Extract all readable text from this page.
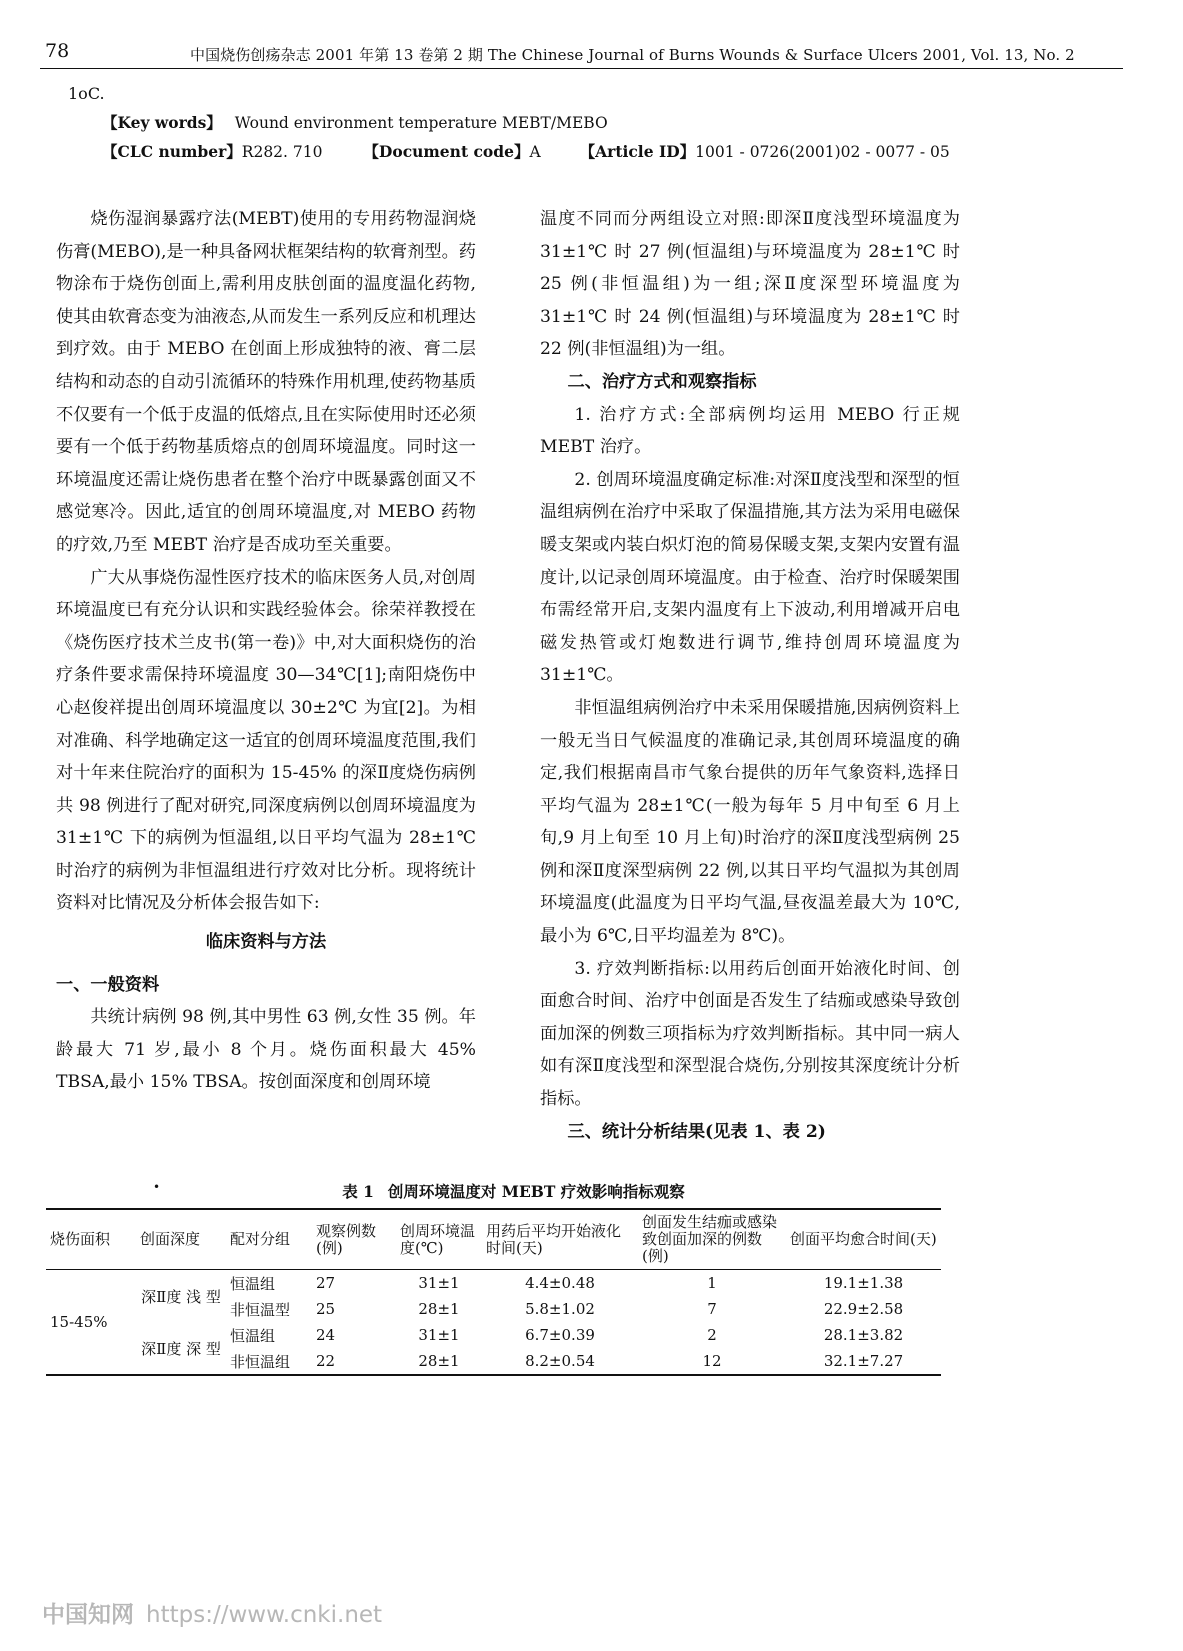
78	中国烧伤创疡杂志 2001 年第 13 卷第 2 期 The Chinese Journal of Burns Wounds & Surface Ulcers 2001, Vol. 13, No. 2
1oC.
【Key words】 Wound environment temperature MEBT/MEBO
【CLC number】R282. 710	【Document code】A	【Article ID】1001 - 0726(2001)02 - 0077 - 05

烧伤湿润暴露疗法(MEBT)使用的专用药物湿润烧伤膏(MEBO),是一种具备网状框架结构的软膏剂型。药物涂布于烧伤创面上,需利用皮肤创面的温度温化药物,使其由软膏态变为油液态,从而发生一系列反应和机理达到疗效。由于 MEBO 在创面上形成独特的液、膏二层结构和动态的自动引流循环的特殊作用机理,使药物基质不仅要有一个低于皮温的低熔点,且在实际使用时还必须要有一个低于药物基质熔点的创周环境温度。同时这一环境温度还需让烧伤患者在整个治疗中既暴露创面又不感觉寒冷。因此,适宜的创周环境温度,对 MEBO 药物的疗效,乃至 MEBT 治疗是否成功至关重要。

广大从事烧伤湿性医疗技术的临床医务人员,对创周环境温度已有充分认识和实践经验体会。徐荣祥教授在《烧伤医疗技术兰皮书(第一卷)》中,对大面积烧伤的治疗条件要求需保持环境温度 30—34℃[1];南阳烧伤中心赵俊祥提出创周环境温度以 30±2℃ 为宜[2]。为相对准确、科学地确定这一适宜的创周环境温度范围,我们对十年来住院治疗的面积为 15-45% 的深Ⅱ度烧伤病例共 98 例进行了配对研究,同深度病例以创周环境温度为 31±1℃ 下的病例为恒温组,以日平均气温为 28±1℃ 时治疗的病例为非恒温组进行疗效对比分析。现将统计资料对比情况及分析体会报告如下:

临床资料与方法
一、一般资料

共统计病例 98 例,其中男性 63 例,女性 35 例。年龄最大 71 岁,最小 8 个月。烧伤面积最大 45% TBSA,最小 15% TBSA。按创面深度和创周环境

温度不同而分两组设立对照:即深Ⅱ度浅型环境温度为 31±1℃ 时 27 例(恒温组)与环境温度为 28±1℃ 时 25 例(非恒温组)为一组;深Ⅱ度深型环境温度为 31±1℃ 时 24 例(恒温组)与环境温度为 28±1℃ 时 22 例(非恒温组)为一组。

二、治疗方式和观察指标

1. 治疗方式:全部病例均运用 MEBO 行正规 MEBT 治疗。

2. 创周环境温度确定标准:对深Ⅱ度浅型和深型的恒温组病例在治疗中采取了保温措施,其方法为采用电磁保暖支架或内装白炽灯泡的简易保暖支架,支架内安置有温度计,以记录创周环境温度。由于检查、治疗时保暖架围布需经常开启,支架内温度有上下波动,利用增减开启电磁发热管或灯炮数进行调节,维持创周环境温度为 31±1℃。

非恒温组病例治疗中未采用保暖措施,因病例资料上一般无当日气候温度的准确记录,其创周环境温度的确定,我们根据南昌市气象台提供的历年气象资料,选择日平均气温为 28±1℃(一般为每年 5 月中旬至 6 月上旬,9 月上旬至 10 月上旬)时治疗的深Ⅱ度浅型病例 25 例和深Ⅱ度深型病例 22 例,以其日平均气温拟为其创周环境温度(此温度为日平均气温,昼夜温差最大为 10℃,最小为 6℃,日平均温差为 8℃)。

3. 疗效判断指标:以用药后创面开始液化时间、创面愈合时间、治疗中创面是否发生了结痂或感染导致创面加深的例数三项指标为疗效判断指标。其中同一病人如有深Ⅱ度浅型和深型混合烧伤,分别按其深度统计分析指标。

三、统计分析结果(见表 1、表 2)
•	表 1 创周环境温度对 MEBT 疗效影响指标观察
烧伤面积	创面深度	配对分组	观察例数(例)	创周环境温度(℃)	用药后平均开始液化时间(天)	创面发生结痂或感染致创面加深的例数(例)	创面平均愈合时间(天)
15-45%	深Ⅱ度 浅 型	恒温组	27	31±1	4.4±0.48	1	19.1±1.38
		非恒温型	25	28±1	5.8±1.02	7	22.9±2.58
	深Ⅱ度 深 型	恒温组	24	31±1	6.7±0.39	2	28.1±3.82
		非恒温组	22	28±1	8.2±0.54	12	32.1±7.27
中国知网 https://www.cnki.net
